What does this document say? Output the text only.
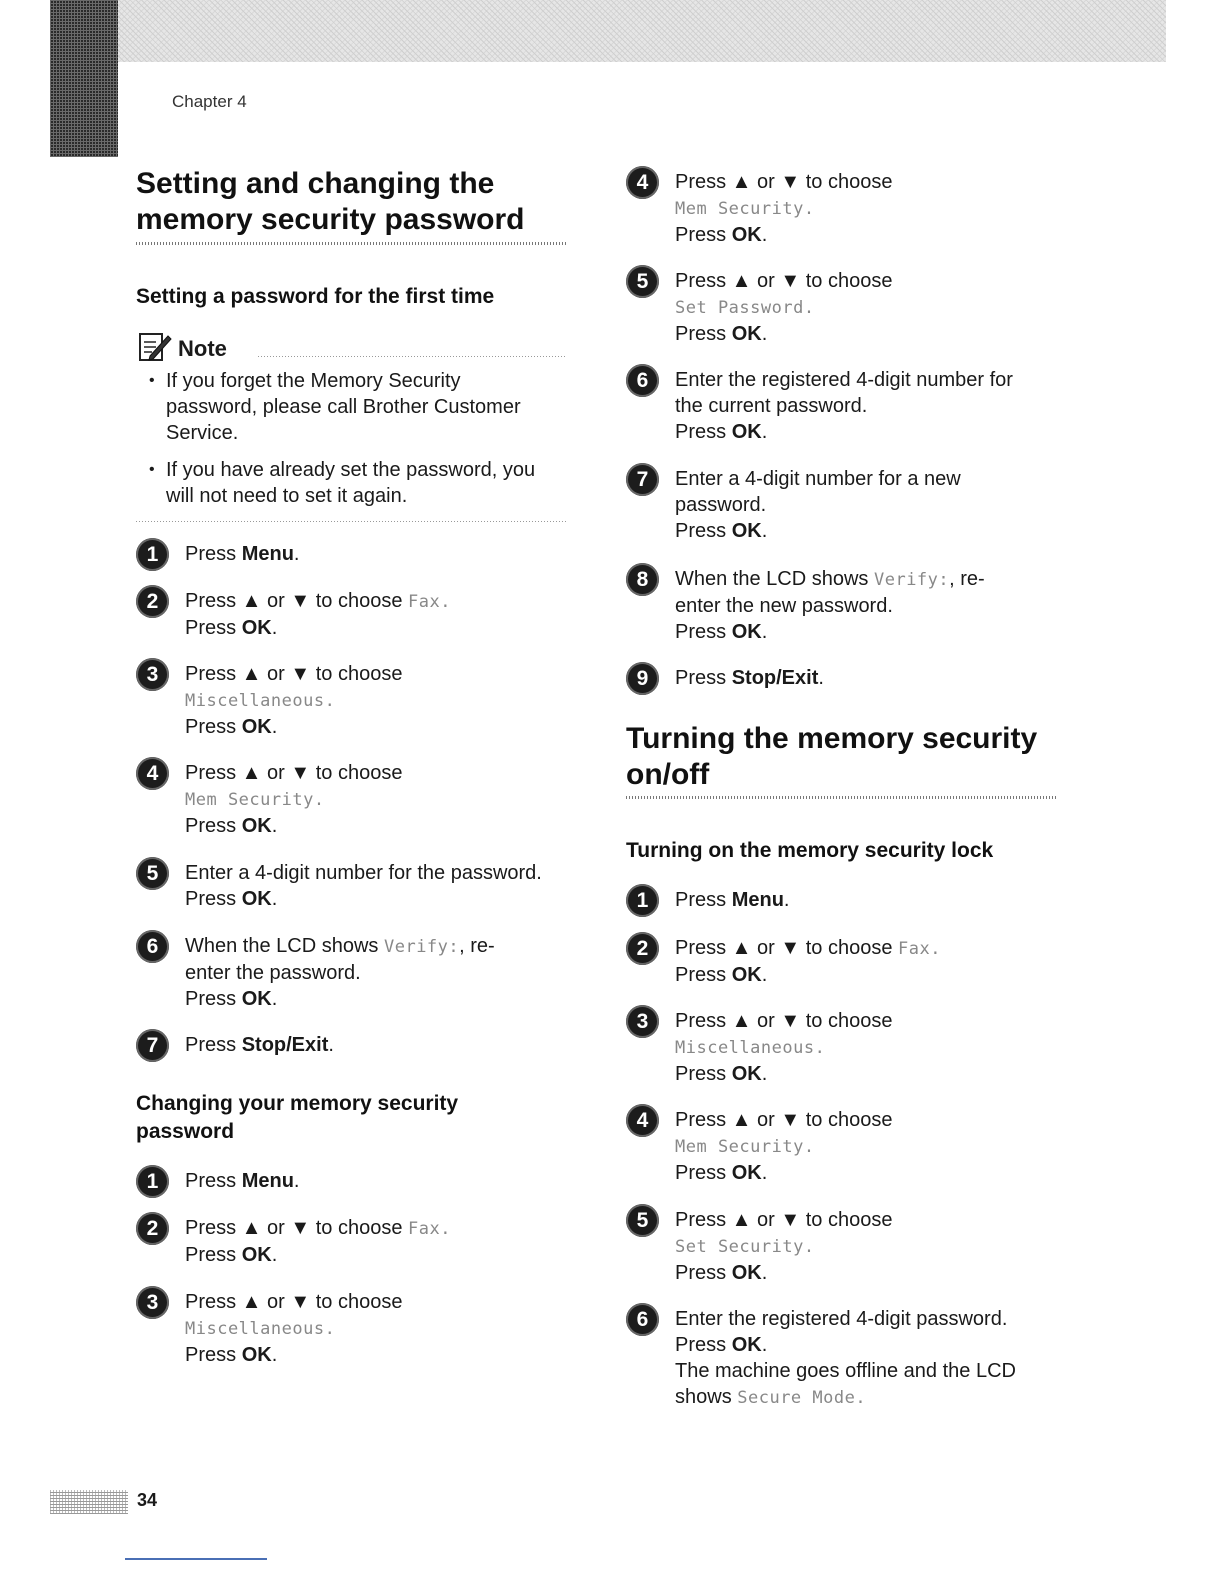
Chapter 4
Setting and changing the
memory security password
Setting a password for the first time
Note
• If you forget the Memory Security
password, please call Brother Customer
Service.
• If you have already set the password, you
will not need to set it again.
1	Press Menu.
2	Press ▲ or ▼ to choose Fax.
Press OK.
3	Press ▲ or ▼ to choose
Miscellaneous.
Press OK.
4	Press ▲ or ▼ to choose
Mem Security.
Press OK.
5	Enter a 4-digit number for the password.
Press OK.
6	When the LCD shows Verify:, re-
enter the password.
Press OK.
7	Press Stop/Exit.
Changing your memory security
password
1	Press Menu.
2	Press ▲ or ▼ to choose Fax.
Press OK.
3	Press ▲ or ▼ to choose
Miscellaneous.
Press OK.
4	Press ▲ or ▼ to choose
Mem Security.
Press OK.
5	Press ▲ or ▼ to choose
Set Password.
Press OK.
6	Enter the registered 4-digit number for
the current password.
Press OK.
7	Enter a 4-digit number for a new
password.
Press OK.
8	When the LCD shows Verify:, re-
enter the new password.
Press OK.
9	Press Stop/Exit.
Turning the memory security
on/off
Turning on the memory security lock
1	Press Menu.
2	Press ▲ or ▼ to choose Fax.
Press OK.
3	Press ▲ or ▼ to choose
Miscellaneous.
Press OK.
4	Press ▲ or ▼ to choose
Mem Security.
Press OK.
5	Press ▲ or ▼ to choose
Set Security.
Press OK.
6	Enter the registered 4-digit password.
Press OK.
The machine goes offline and the LCD
shows Secure Mode.
34
